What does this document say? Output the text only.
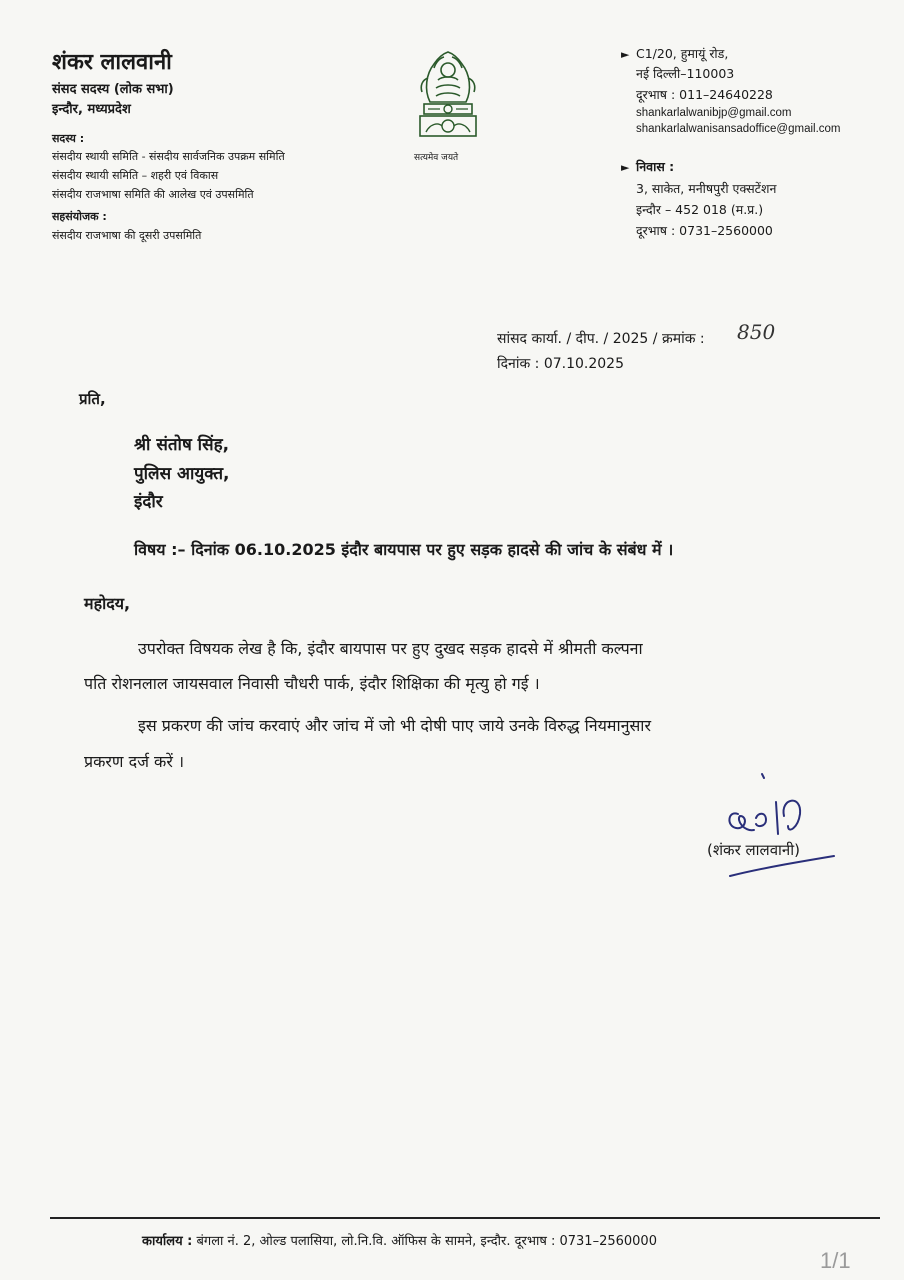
शंकर लालवानी
संसद सदस्य (लोक सभा)
इन्दौर, मध्यप्रदेश
सदस्य :
संसदीय स्थायी समिति - संसदीय सार्वजनिक उपक्रम समिति
संसदीय स्थायी समिति – शहरी एवं विकास
संसदीय राजभाषा समिति की आलेख एवं उपसमिति
सहसंयोजक :
संसदीय राजभाषा की दूसरी उपसमिति
सत्यमेव जयते
► C1/20, हुमायूं रोड,
नई दिल्ली–110003
दूरभाष : 011–24640228
shankarlalwanibjp@gmail.com
shankarlalwanisansadoffice@gmail.com
► निवास :
3, साकेत, मनीषपुरी एक्सटेंशन
इन्दौर – 452 018 (म.प्र.)
दूरभाष : 0731–2560000
सांसद कार्या. / दीप. / 2025 / क्रमांक : 850
दिनांक : 07.10.2025
प्रति,
श्री संतोष सिंह,
पुलिस आयुक्त,
इंदौर
विषय :– दिनांक 06.10.2025 इंदौर बायपास पर हुए सड़क हादसे की जांच के संबंध में ।
महोदय,
उपरोक्त विषयक लेख है कि, इंदौर बायपास पर हुए दुखद सड़क हादसे में श्रीमती कल्पना
पति रोशनलाल जायसवाल निवासी चौधरी पार्क, इंदौर शिक्षिका की मृत्यु हो गई ।
इस प्रकरण की जांच करवाएं और जांच में जो भी दोषी पाए जाये उनके विरुद्ध नियमानुसार
प्रकरण दर्ज करें ।
(शंकर लालवानी)
कार्यालय : बंगला नं. 2, ओल्ड पलासिया, लो.नि.वि. ऑफिस के सामने, इन्दौर. दूरभाष : 0731–2560000
1/1
